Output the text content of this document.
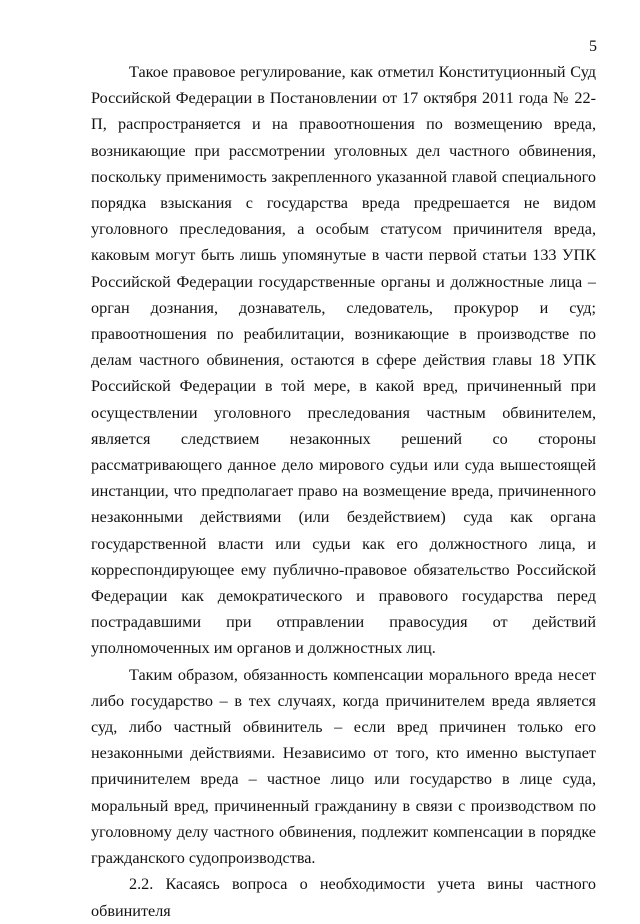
5

Такое правовое регулирование, как отметил Конституционный Суд Российской Федерации в Постановлении от 17 октября 2011 года № 22-П, распространяется и на правоотношения по возмещению вреда, возникающие при рассмотрении уголовных дел частного обвинения, поскольку применимость закрепленного указанной главой специального порядка взыскания с государства вреда предрешается не видом уголовного преследования, а особым статусом причинителя вреда, каковым могут быть лишь упомянутые в части первой статьи 133 УПК Российской Федерации государственные органы и должностные лица – орган дознания, дознаватель, следователь, прокурор и суд; правоотношения по реабилитации, возникающие в производстве по делам частного обвинения, остаются в сфере действия главы 18 УПК Российской Федерации в той мере, в какой вред, причиненный при осуществлении уголовного преследования частным обвинителем, является следствием незаконных решений со стороны рассматривающего данное дело мирового судьи или суда вышестоящей инстанции, что предполагает право на возмещение вреда, причиненного незаконными действиями (или бездействием) суда как органа государственной власти или судьи как его должностного лица, и корреспондирующее ему публично-правовое обязательство Российской Федерации как демократического и правового государства перед пострадавшими при отправлении правосудия от действий уполномоченных им органов и должностных лиц.

Таким образом, обязанность компенсации морального вреда несет либо государство – в тех случаях, когда причинителем вреда является суд, либо частный обвинитель – если вред причинен только его незаконными действиями. Независимо от того, кто именно выступает причинителем вреда – частное лицо или государство в лице суда, моральный вред, причиненный гражданину в связи с производством по уголовному делу частного обвинения, подлежит компенсации в порядке гражданского судопроизводства.

2.2. Касаясь вопроса о необходимости учета вины частного обвинителя
